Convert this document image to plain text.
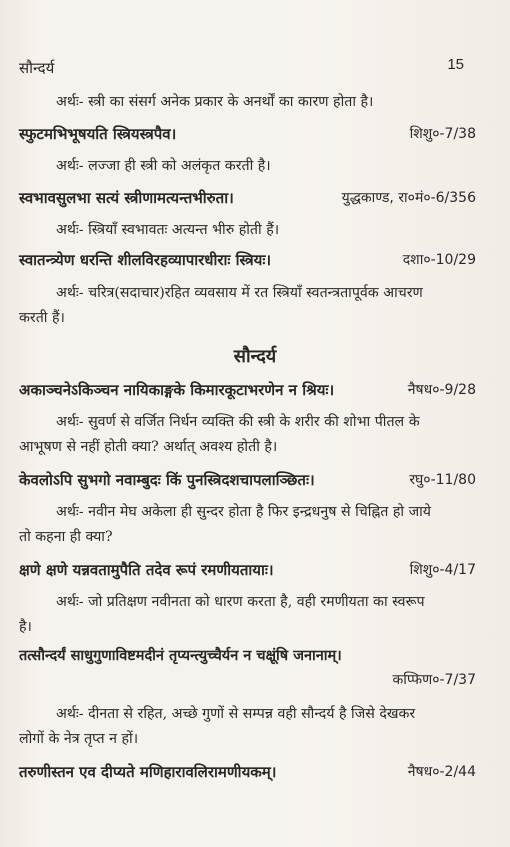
सौन्दर्य	15
अर्थः- स्त्री का संसर्ग अनेक प्रकार के अनर्थों का कारण होता है।
स्फुटमभिभूषयति स्त्रियस्त्रपैव।	शिशु०-7/38
अर्थः- लज्जा ही स्त्री को अलंकृत करती है।
स्वभावसुलभा सत्यं स्त्रीणामत्यन्तभीरुता।	युद्धकाण्ड, रा०मं०-6/356
अर्थः- स्त्रियाँ स्वभावतः अत्यन्त भीरु होती हैं।
स्वातन्त्र्येण धरन्ति शीलविरहव्यापारधीराः स्त्रियः।	दशा०-10/29
अर्थः- चरित्र(सदाचार)रहित व्यवसाय में रत स्त्रियाँ स्वतन्त्रतापूर्वक आचरण
करती हैं।
सौन्दर्य
अकाञ्चनेऽकिञ्चन नायिकाङ्गके किमारकूटाभरणेन न श्रियः।	नैषध०-9/28
अर्थः- सुवर्ण से वर्जित निर्धन व्यक्ति की स्त्री के शरीर की शोभा पीतल के
आभूषण से नहीं होती क्या? अर्थात् अवश्य होती है।
केवलोऽपि सुभगो नवाम्बुदः किं पुनस्त्रिदशचापलाञ्छितः।	रघु०-11/80
अर्थः- नवीन मेघ अकेला ही सुन्दर होता है फिर इन्द्रधनुष से चिह्नित हो जाये
तो कहना ही क्या?
क्षणे क्षणे यन्नवतामुपैति तदेव रूपं रमणीयतायाः।	शिशु०-4/17
अर्थः- जो प्रतिक्षण नवीनता को धारण करता है, वही रमणीयता का स्वरूप
है।
तत्सौन्दर्यं साधुगुणाविष्टमदीनं तृप्यन्त्युच्चैर्यन न चक्षूंषि जनानाम्।
कप्फिण०-7/37
अर्थः- दीनता से रहित, अच्छे गुणों से सम्पन्न वही सौन्दर्य है जिसे देखकर
लोगों के नेत्र तृप्त न हों।
तरुणीस्तन एव दीप्यते मणिहारावलिरामणीयकम्।	नैषध०-2/44
